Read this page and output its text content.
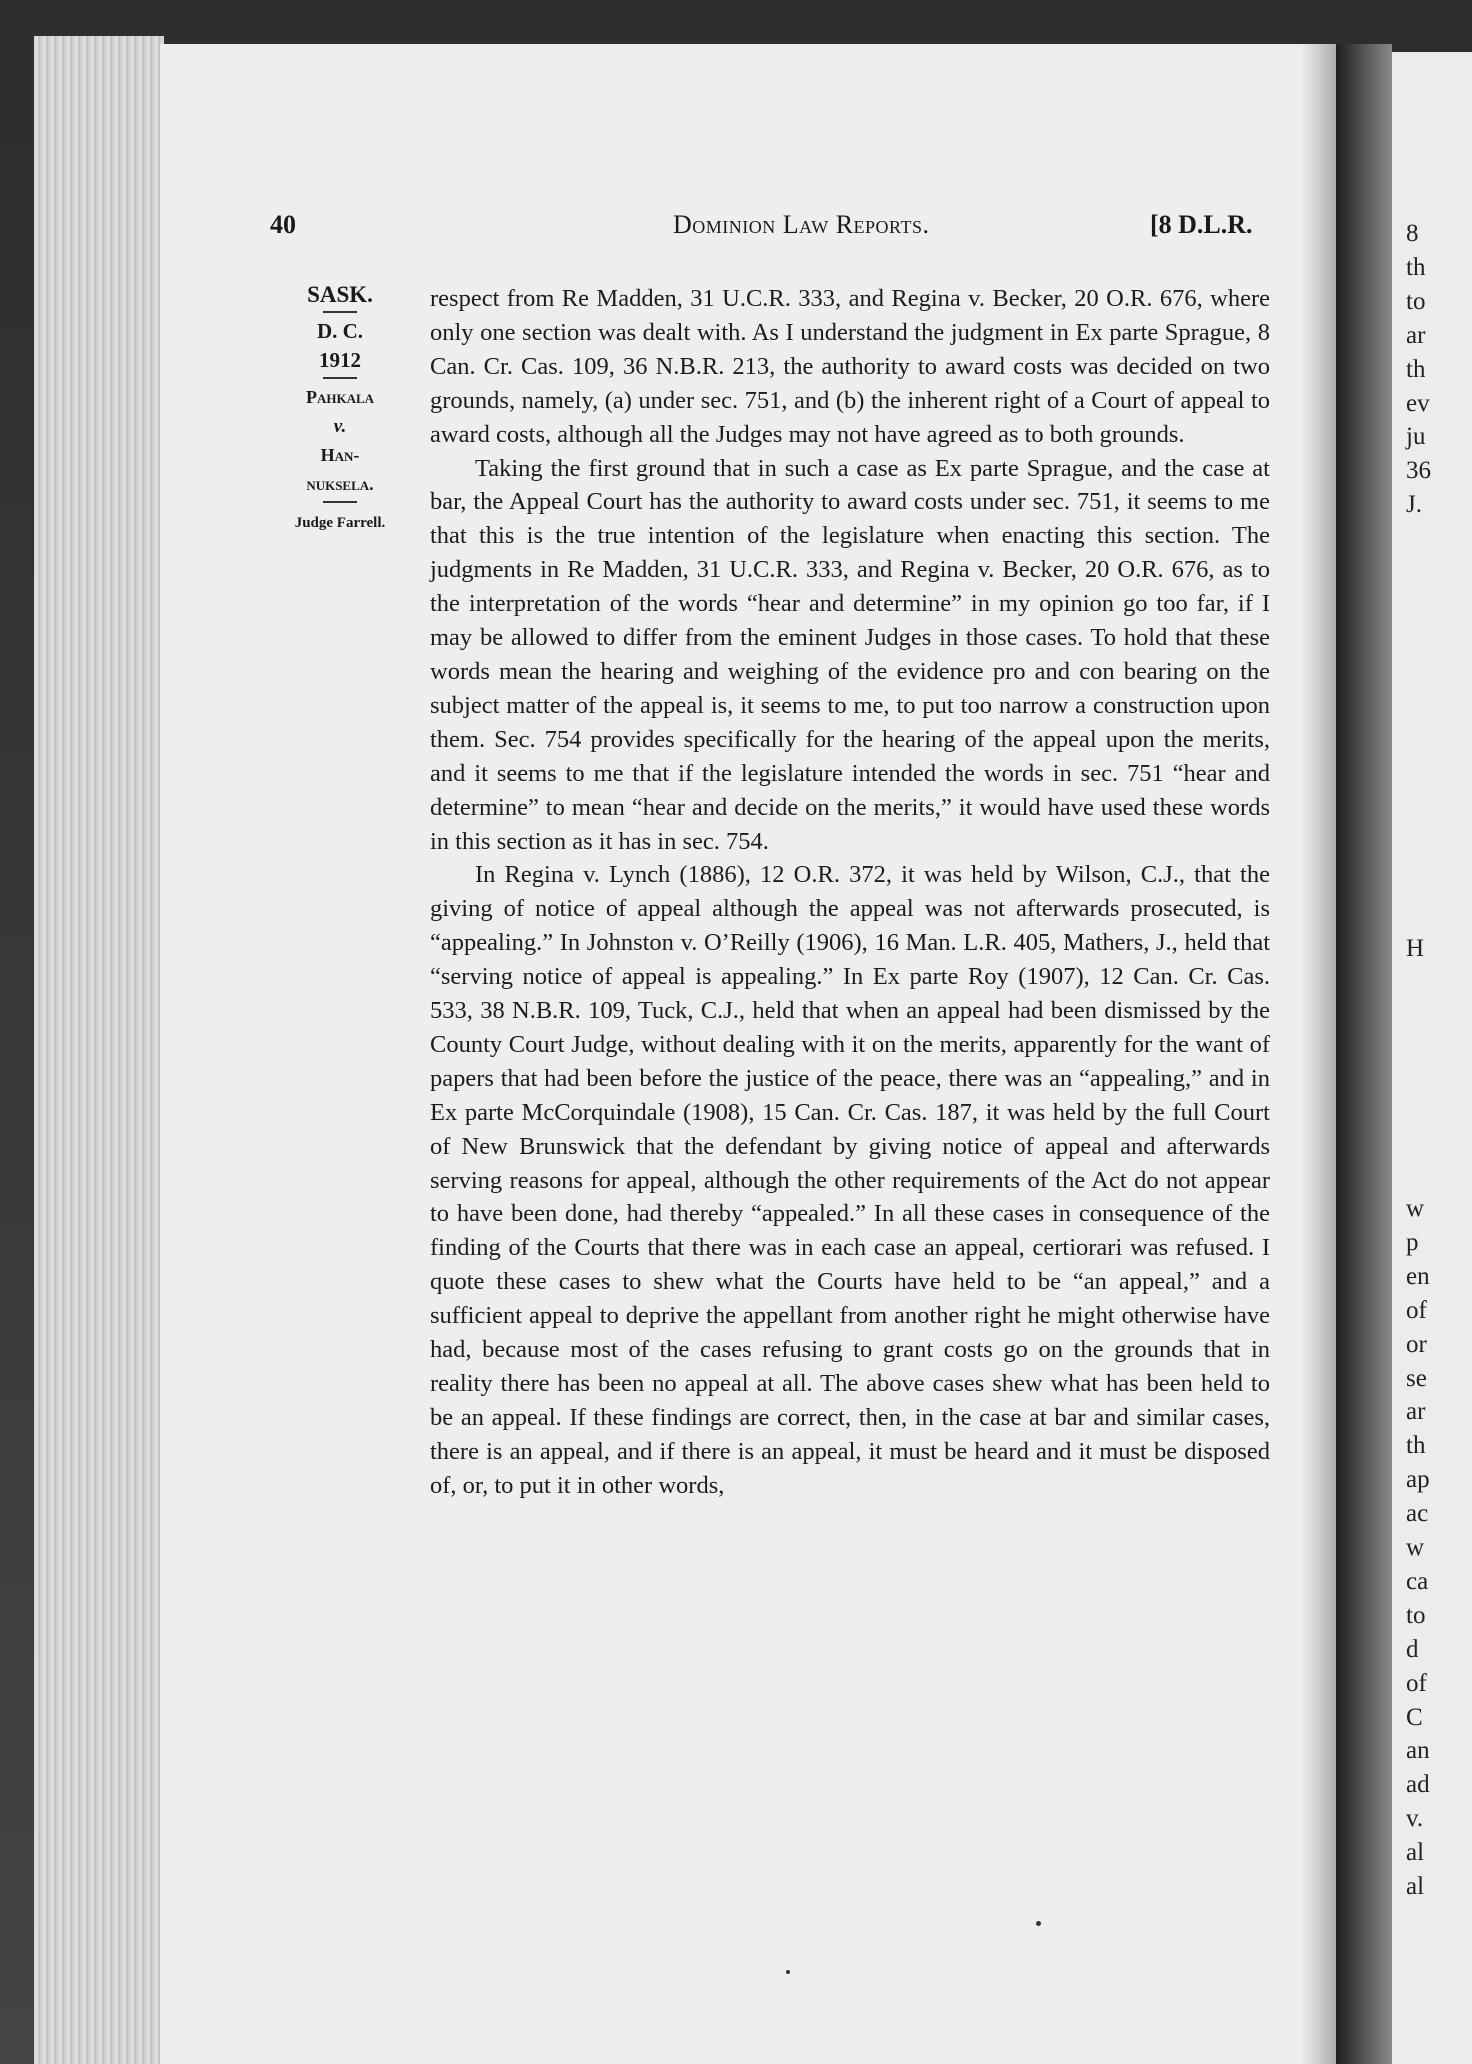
8
th
to
ar
th
ev
ju
36
J.
H
w
p
en
of
or
se
ar
th
ap
ac
w
ca
to
d
of
C
an
ad
v.
al
al
40	Dominion Law Reports.	[8 D.L.R.
SASK.
D. C.
1912
Pahkala
v.
Han-
nuksela.
Judge Farrell.

respect from Re Madden, 31 U.C.R. 333, and Regina v. Becker, 20 O.R. 676, where only one section was dealt with. As I understand the judgment in Ex parte Sprague, 8 Can. Cr. Cas. 109, 36 N.B.R. 213, the authority to award costs was decided on two grounds, namely, (a) under sec. 751, and (b) the inherent right of a Court of appeal to award costs, although all the Judges may not have agreed as to both grounds.

Taking the first ground that in such a case as Ex parte Sprague, and the case at bar, the Appeal Court has the authority to award costs under sec. 751, it seems to me that this is the true intention of the legislature when enacting this section. The judgments in Re Madden, 31 U.C.R. 333, and Regina v. Becker, 20 O.R. 676, as to the interpretation of the words “hear and determine” in my opinion go too far, if I may be allowed to differ from the eminent Judges in those cases. To hold that these words mean the hearing and weighing of the evidence pro and con bearing on the subject matter of the appeal is, it seems to me, to put too narrow a construction upon them. Sec. 754 provides specifically for the hearing of the appeal upon the merits, and it seems to me that if the legislature intended the words in sec. 751 “hear and determine” to mean “hear and decide on the merits,” it would have used these words in this section as it has in sec. 754.

In Regina v. Lynch (1886), 12 O.R. 372, it was held by Wilson, C.J., that the giving of notice of appeal although the appeal was not afterwards prosecuted, is “appealing.” In Johnston v. O’Reilly (1906), 16 Man. L.R. 405, Mathers, J., held that “serving notice of appeal is appealing.” In Ex parte Roy (1907), 12 Can. Cr. Cas. 533, 38 N.B.R. 109, Tuck, C.J., held that when an appeal had been dismissed by the County Court Judge, without dealing with it on the merits, apparently for the want of papers that had been before the justice of the peace, there was an “appealing,” and in Ex parte McCorquindale (1908), 15 Can. Cr. Cas. 187, it was held by the full Court of New Brunswick that the defendant by giving notice of appeal and afterwards serving reasons for appeal, although the other requirements of the Act do not appear to have been done, had thereby “appealed.” In all these cases in consequence of the finding of the Courts that there was in each case an appeal, certiorari was refused. I quote these cases to shew what the Courts have held to be “an appeal,” and a sufficient appeal to deprive the appellant from another right he might otherwise have had, because most of the cases refusing to grant costs go on the grounds that in reality there has been no appeal at all. The above cases shew what has been held to be an appeal. If these findings are correct, then, in the case at bar and similar cases, there is an appeal, and if there is an appeal, it must be heard and it must be disposed of, or, to put it in other words,
